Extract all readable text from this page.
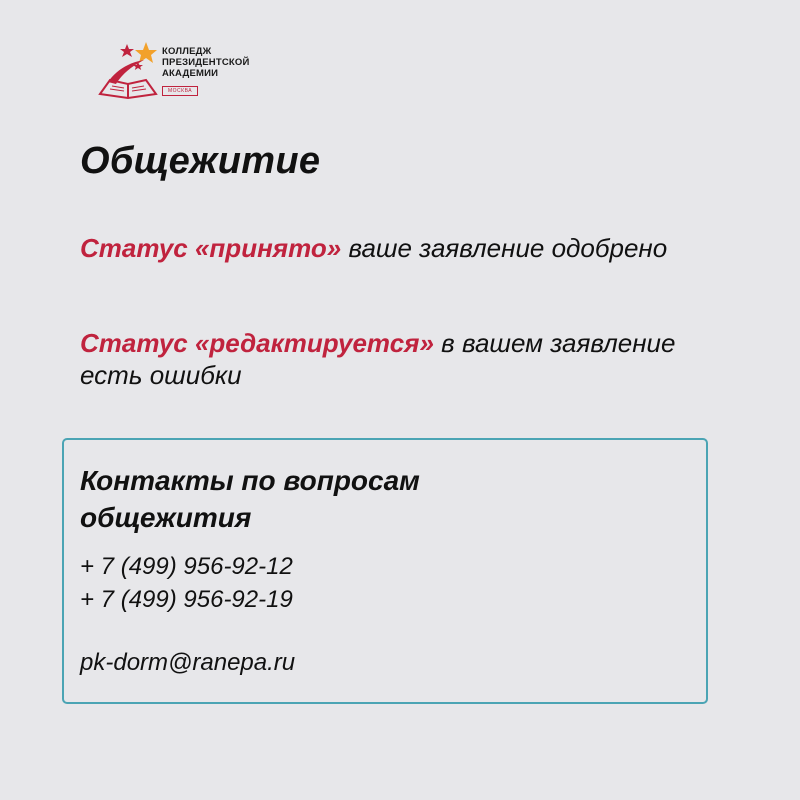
КОЛЛЕДЖ
ПРЕЗИДЕНТСКОЙ
АКАДЕМИИ
МОСКВА
Общежитие
Статус «принято» ваше заявление одобрено
Статус «редактируется» в вашем заявление есть ошибки
Контакты по вопросам общежития
+ 7 (499) 956-92-12
+ 7 (499) 956-92-19
pk-dorm@ranepa.ru
